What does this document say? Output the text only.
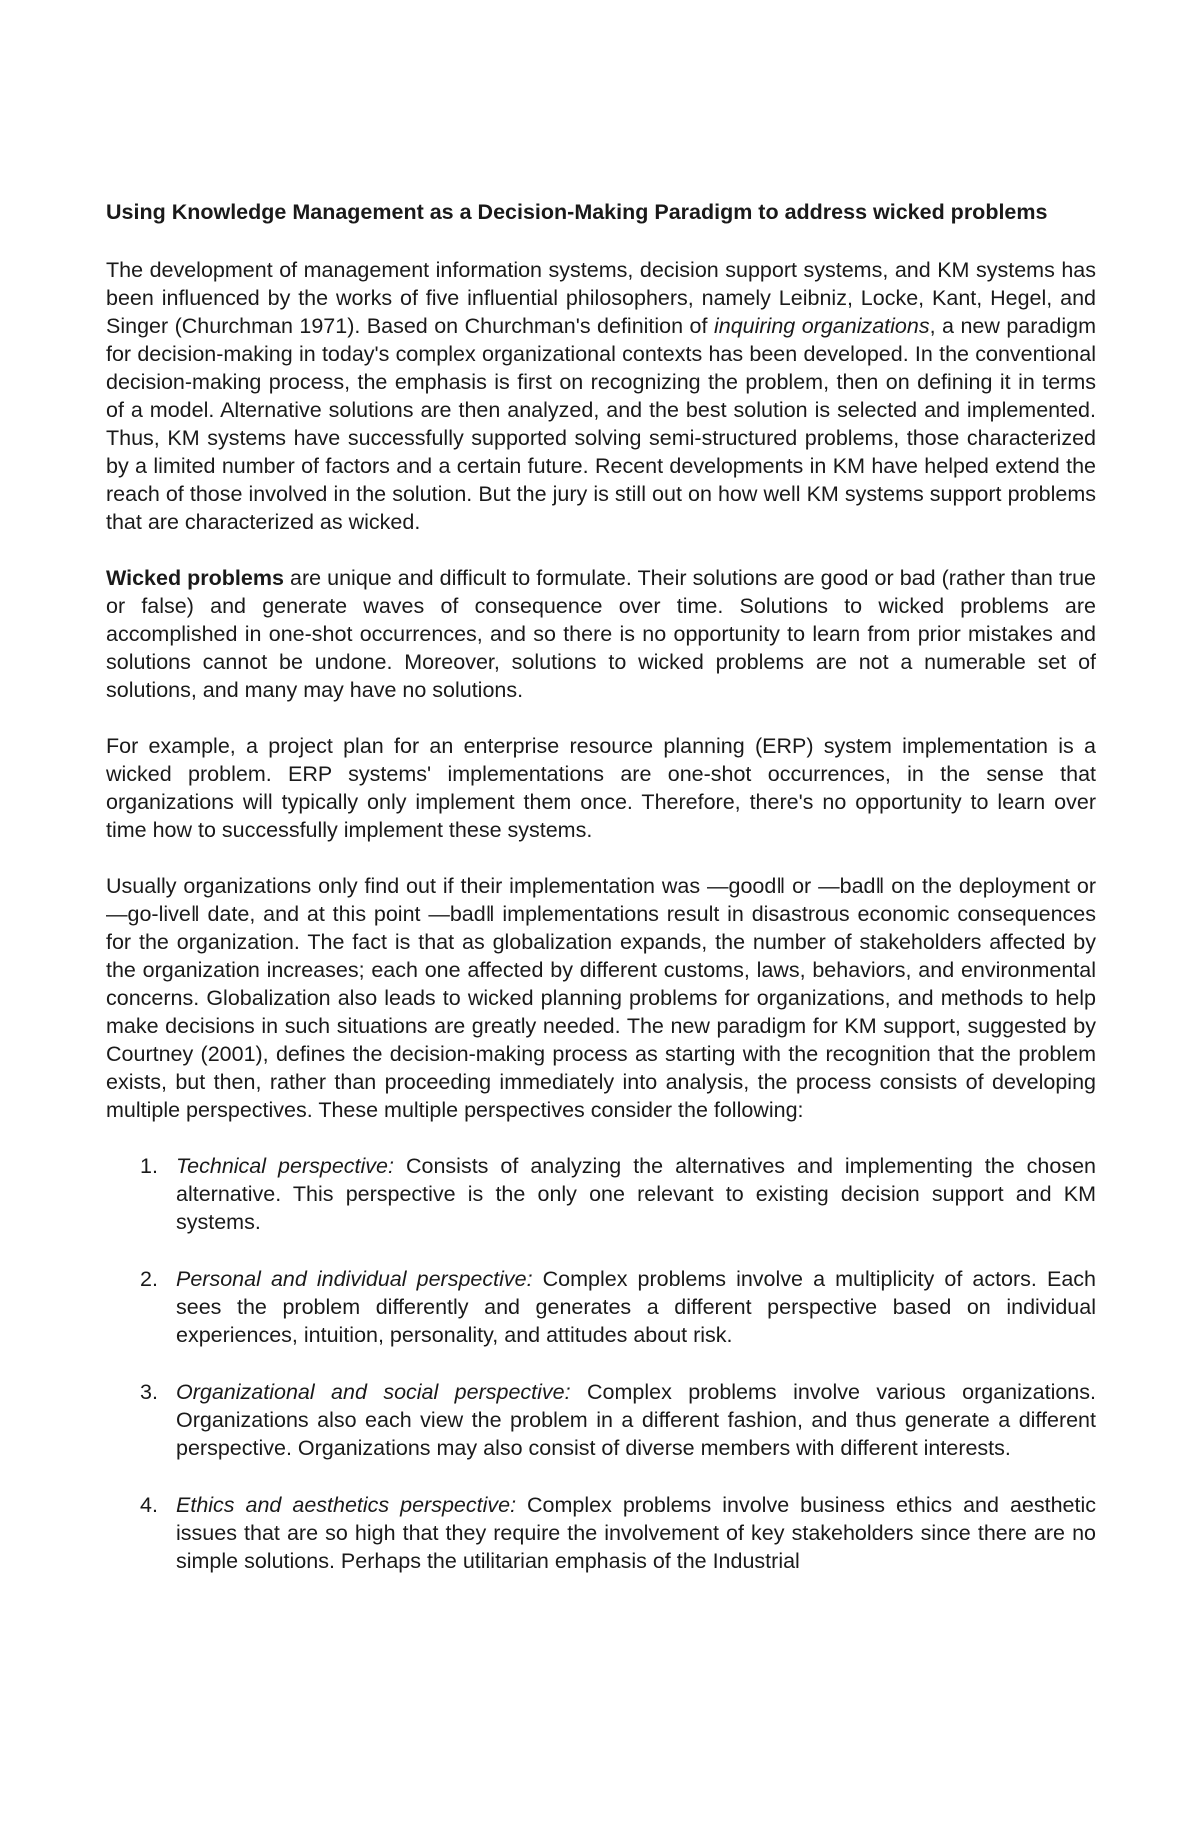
Using Knowledge Management as a Decision-Making Paradigm to address wicked problems

The development of management information systems, decision support systems, and KM systems has been influenced by the works of five influential philosophers, namely Leibniz, Locke, Kant, Hegel, and Singer (Churchman 1971). Based on Churchman's definition of inquiring organizations, a new paradigm for decision-making in today's complex organizational contexts has been developed. In the conventional decision-making process, the emphasis is first on recognizing the problem, then on defining it in terms of a model. Alternative solutions are then analyzed, and the best solution is selected and implemented. Thus, KM systems have successfully supported solving semi-structured problems, those characterized by a limited number of factors and a certain future. Recent developments in KM have helped extend the reach of those involved in the solution. But the jury is still out on how well KM systems support problems that are characterized as wicked.

Wicked problems are unique and difficult to formulate. Their solutions are good or bad (rather than true or false) and generate waves of consequence over time. Solutions to wicked problems are accomplished in one-shot occurrences, and so there is no opportunity to learn from prior mistakes and solutions cannot be undone. Moreover, solutions to wicked problems are not a numerable set of solutions, and many may have no solutions.

For example, a project plan for an enterprise resource planning (ERP) system implementation is a wicked problem. ERP systems' implementations are one-shot occurrences, in the sense that organizations will typically only implement them once. Therefore, there's no opportunity to learn over time how to successfully implement these systems.

Usually organizations only find out if their implementation was —good‖ or —bad‖ on the deployment or —go-live‖ date, and at this point —bad‖ implementations result in disastrous economic consequences for the organization. The fact is that as globalization expands, the number of stakeholders affected by the organization increases; each one affected by different customs, laws, behaviors, and environmental concerns. Globalization also leads to wicked planning problems for organizations, and methods to help make decisions in such situations are greatly needed. The new paradigm for KM support, suggested by Courtney (2001), defines the decision-making process as starting with the recognition that the problem exists, but then, rather than proceeding immediately into analysis, the process consists of developing multiple perspectives. These multiple perspectives consider the following:

1. Technical perspective: Consists of analyzing the alternatives and implementing the chosen alternative. This perspective is the only one relevant to existing decision support and KM systems.
2. Personal and individual perspective: Complex problems involve a multiplicity of actors. Each sees the problem differently and generates a different perspective based on individual experiences, intuition, personality, and attitudes about risk.
3. Organizational and social perspective: Complex problems involve various organizations. Organizations also each view the problem in a different fashion, and thus generate a different perspective. Organizations may also consist of diverse members with different interests.
4. Ethics and aesthetics perspective: Complex problems involve business ethics and aesthetic issues that are so high that they require the involvement of key stakeholders since there are no simple solutions. Perhaps the utilitarian emphasis of the Industrial
